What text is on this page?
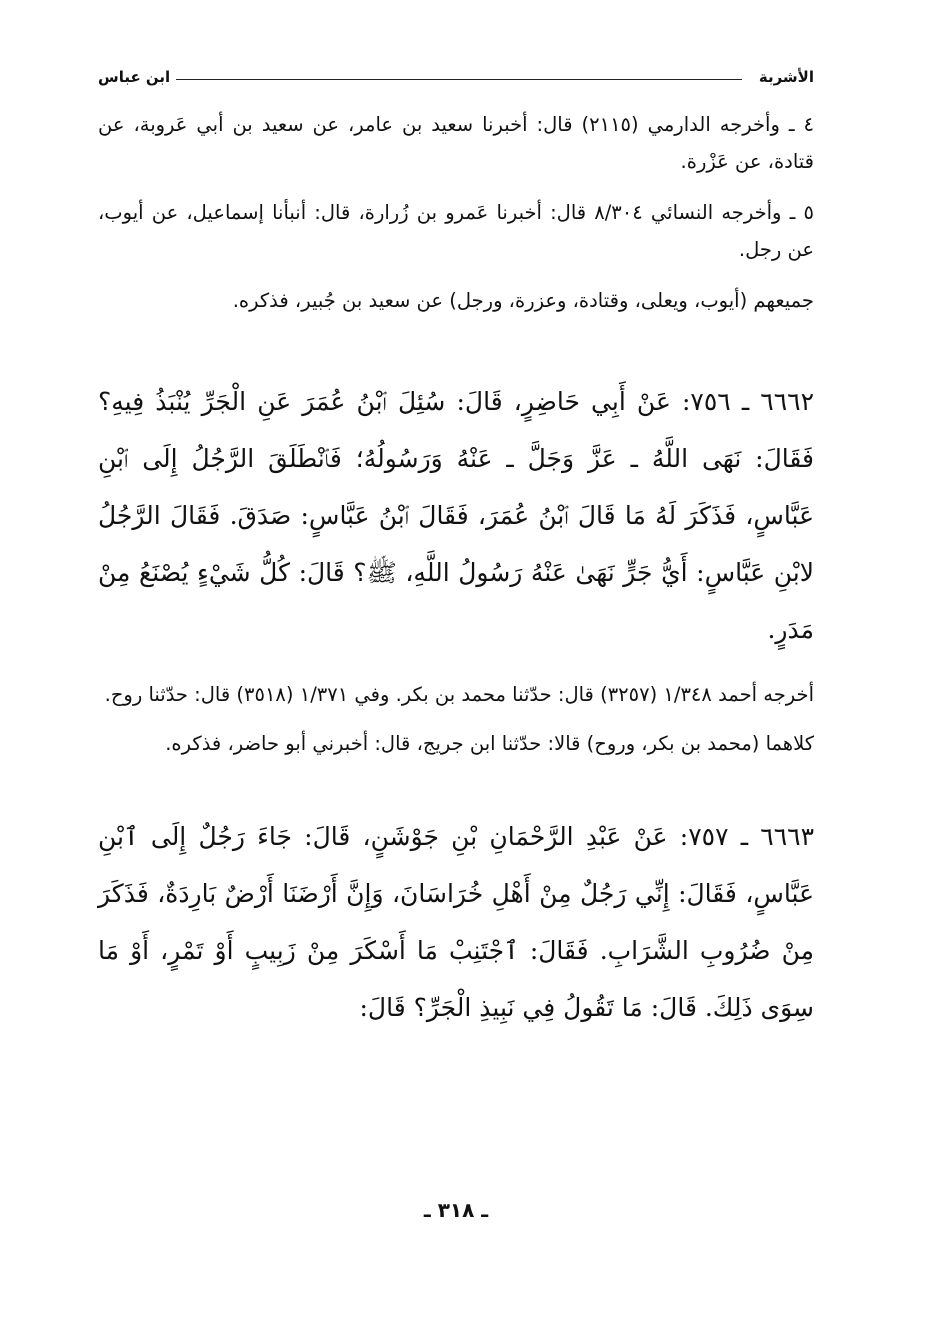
الأشربة
ابن عباس

٤ ـ وأخرجه الدارمي (٢١١٥) قال: أخبرنا سعيد بن عامر، عن سعيد بن أبي عَروبة، عن قتادة، عن عَزْرة.

٥ ـ وأخرجه النسائي ٨/٣٠٤ قال: أخبرنا عَمرو بن زُرارة، قال: أنبأنا إسماعيل، عن أيوب، عن رجل.

جميعهم (أيوب، ويعلى، وقتادة، وعزرة، ورجل) عن سعيد بن جُبير، فذكره.

٦٦٦٢ ـ ٧٥٦: عَنْ أَبِي حَاضِرٍ، قَالَ: سُئِلَ ٱبْنُ عُمَرَ عَنِ الْجَرِّ يُنْبَذُ فِيهِ؟ فَقَالَ: نَهَى اللَّهُ ـ عَزَّ وَجَلَّ ـ عَنْهُ وَرَسُولُهُ؛ فَٱنْطَلَقَ الرَّجُلُ إِلَى ٱبْنِ عَبَّاسٍ، فَذَكَرَ لَهُ مَا قَالَ ٱبْنُ عُمَرَ، فَقَالَ ٱبْنُ عَبَّاسٍ: صَدَقَ. فَقَالَ الرَّجُلُ لابْنِ عَبَّاسٍ: أَيُّ جَرٍّ نَهَىٰ عَنْهُ رَسُولُ اللَّهِ، ﷺ؟ قَالَ: كُلُّ شَيْءٍ يُصْنَعُ مِنْ مَدَرٍ.

أخرجه أحمد ١/٣٤٨ (٣٢٥٧) قال: حدّثنا محمد بن بكر. وفي ١/٣٧١ (٣٥١٨) قال: حدّثنا روح.

كلاهما (محمد بن بكر، وروح) قالا: حدّثنا ابن جريج، قال: أخبرني أبو حاضر، فذكره.

٦٦٦٣ ـ ٧٥٧: عَنْ عَبْدِ الرَّحْمَانِ بْنِ جَوْشَنٍ، قَالَ: جَاءَ رَجُلٌ إِلَى ٱبْنِ عَبَّاسٍ، فَقَالَ: إِنِّي رَجُلٌ مِنْ أَهْلِ خُرَاسَانَ، وَإِنَّ أَرْضَنَا أَرْضٌ بَارِدَةٌ، فَذَكَرَ مِنْ ضُرُوبِ الشَّرَابِ. فَقَالَ: ٱجْتَنِبْ مَا أَسْكَرَ مِنْ زَبِيبٍ أَوْ تَمْرٍ، أَوْ مَا سِوَى ذَلِكَ. قَالَ: مَا تَقُولُ فِي نَبِيذِ الْجَرِّ؟ قَالَ:

ـ ٣١٨ ـ
